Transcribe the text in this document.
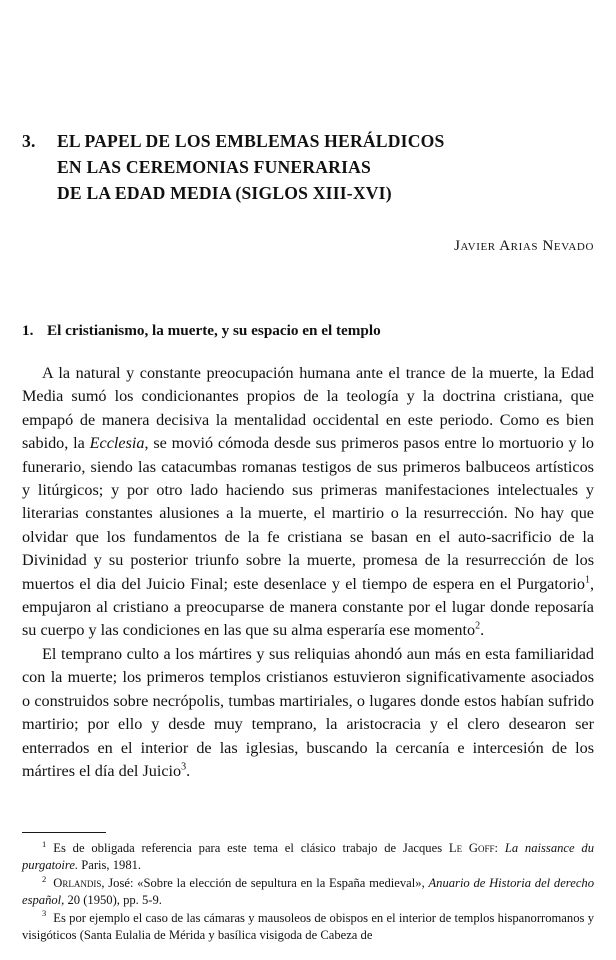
3.	EL PAPEL DE LOS EMBLEMAS HERÁLDICOS
EN LAS CEREMONIAS FUNERARIAS
DE LA EDAD MEDIA (SIGLOS XIII-XVI)

Javier Arias Nevado

1. El cristianismo, la muerte, y su espacio en el templo

A la natural y constante preocupación humana ante el trance de la muerte, la Edad Media sumó los condicionantes propios de la teología y la doctrina cristiana, que empapó de manera decisiva la mentalidad occidental en este periodo. Como es bien sabido, la Ecclesia, se movió cómoda desde sus primeros pasos entre lo mortuorio y lo funerario, siendo las catacumbas romanas testigos de sus primeros balbuceos artísticos y litúrgicos; y por otro lado haciendo sus primeras manifestaciones intelectuales y literarias constantes alusiones a la muerte, el martirio o la resurrección. No hay que olvidar que los fundamentos de la fe cristiana se basan en el auto-sacrificio de la Divinidad y su posterior triunfo sobre la muerte, promesa de la resurrección de los muertos el dia del Juicio Final; este desenlace y el tiempo de espera en el Purgatorio$^1$, empujaron al cristiano a preocuparse de manera constante por el lugar donde reposaría su cuerpo y las condiciones en las que su alma esperaría ese momento$^2$.

El temprano culto a los mártires y sus reliquias ahondó aun más en esta familiaridad con la muerte; los primeros templos cristianos estuvieron significativamente asociados o construidos sobre necrópolis, tumbas martiriales, o lugares donde estos habían sufrido martirio; por ello y desde muy temprano, la aristocracia y el clero desearon ser enterrados en el interior de las iglesias, buscando la cercanía e intercesión de los mártires el día del Juicio$^3$.

$^1$ Es de obligada referencia para este tema el clásico trabajo de Jacques Le Goff: La naissance du purgatoire. Paris, 1981.

$^2$ Orlandis, José: «Sobre la elección de sepultura en la España medieval», Anuario de Historia del derecho español, 20 (1950), pp. 5-9.

$^3$ Es por ejemplo el caso de las cámaras y mausoleos de obispos en el interior de templos hispanorromanos y visigóticos (Santa Eulalia de Mérida y basílica visigoda de Cabeza de
